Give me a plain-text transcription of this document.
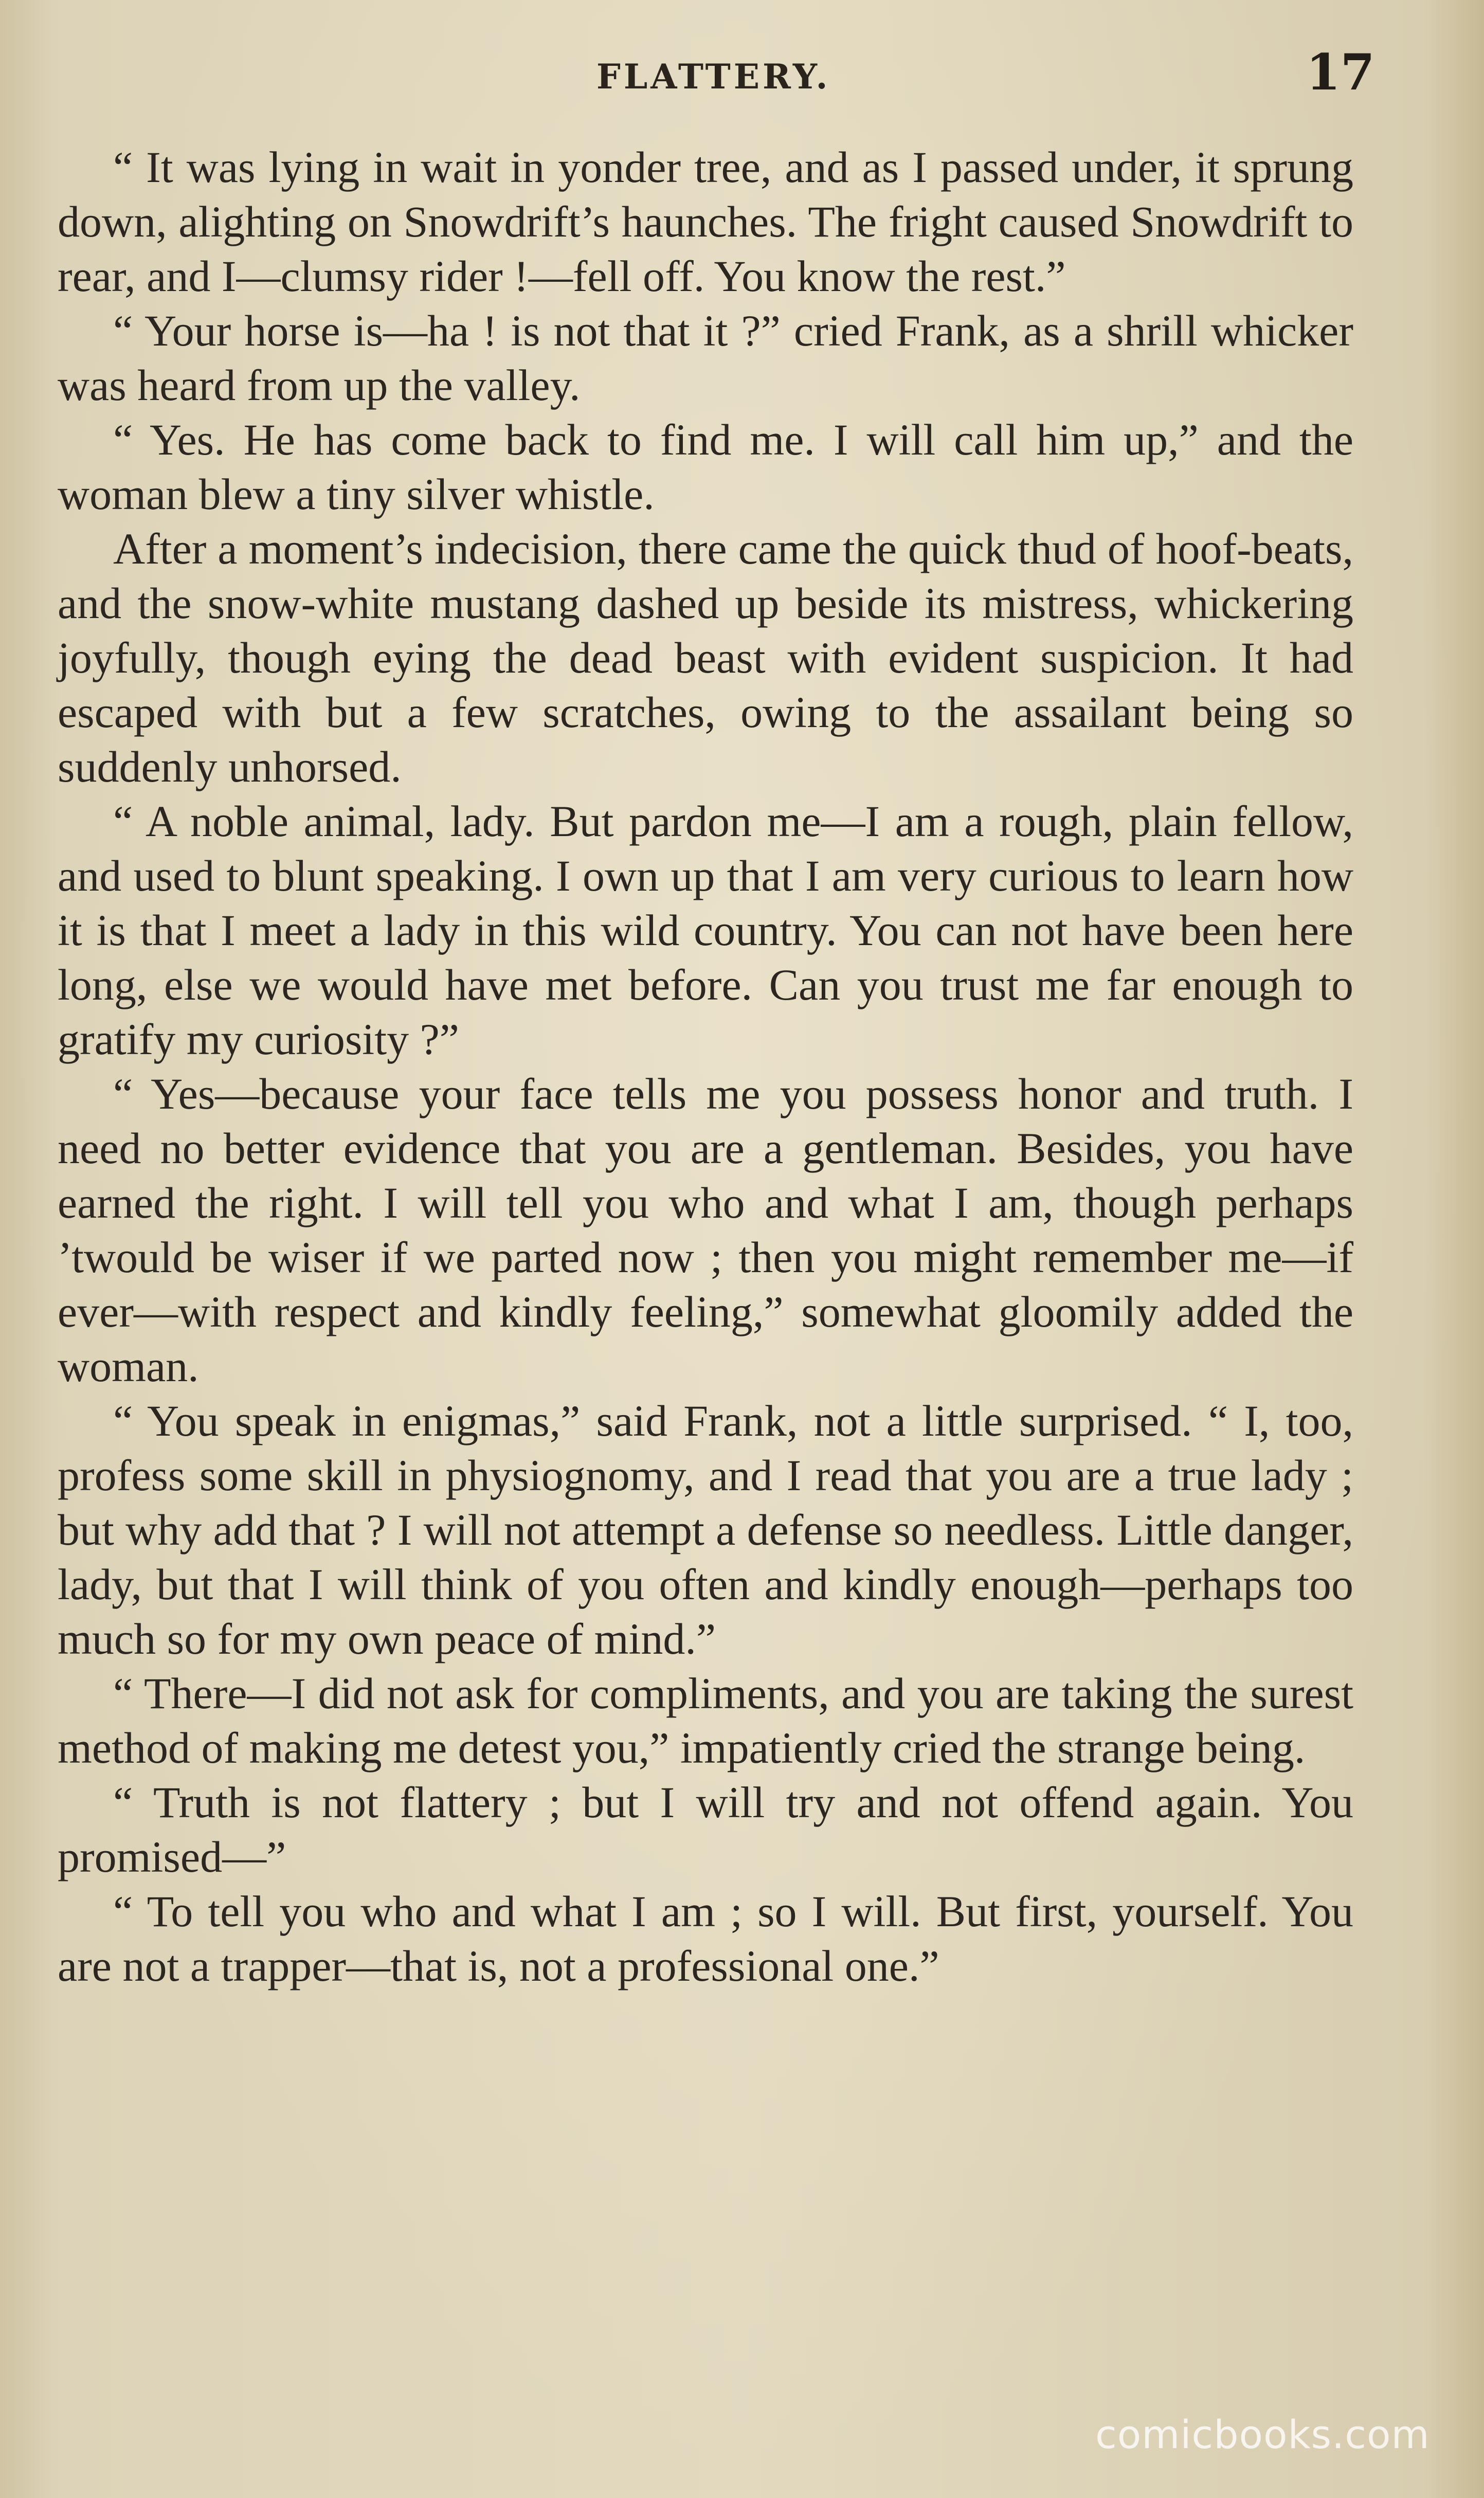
FLATTERY.	17

“ It was lying in wait in yonder tree, and as I passed under, it sprung down, alighting on Snowdrift’s haunches. The fright caused Snowdrift to rear, and I—clumsy rider !—fell off. You know the rest.”

“ Your horse is—ha ! is not that it ?” cried Frank, as a shrill whicker was heard from up the valley.

“ Yes. He has come back to find me. I will call him up,” and the woman blew a tiny silver whistle.

After a moment’s indecision, there came the quick thud of hoof-beats, and the snow-white mustang dashed up beside its mistress, whickering joyfully, though eying the dead beast with evident suspicion. It had escaped with but a few scratches, owing to the assailant being so suddenly unhorsed.

“ A noble animal, lady. But pardon me—I am a rough, plain fellow, and used to blunt speaking. I own up that I am very curious to learn how it is that I meet a lady in this wild country. You can not have been here long, else we would have met before. Can you trust me far enough to gratify my curiosity ?”

“ Yes—because your face tells me you possess honor and truth. I need no better evidence that you are a gentleman. Besides, you have earned the right. I will tell you who and what I am, though perhaps ’twould be wiser if we parted now ; then you might remember me—if ever—with respect and kindly feeling,” somewhat gloomily added the woman.

“ You speak in enigmas,” said Frank, not a little surprised. “ I, too, profess some skill in physiognomy, and I read that you are a true lady ; but why add that ? I will not attempt a defense so needless. Little danger, lady, but that I will think of you often and kindly enough—perhaps too much so for my own peace of mind.”

“ There—I did not ask for compliments, and you are taking the surest method of making me detest you,” impatiently cried the strange being.

“ Truth is not flattery ; but I will try and not offend again. You promised—”

“ To tell you who and what I am ; so I will. But first, yourself. You are not a trapper—that is, not a professional one.”

comicbooks.com
